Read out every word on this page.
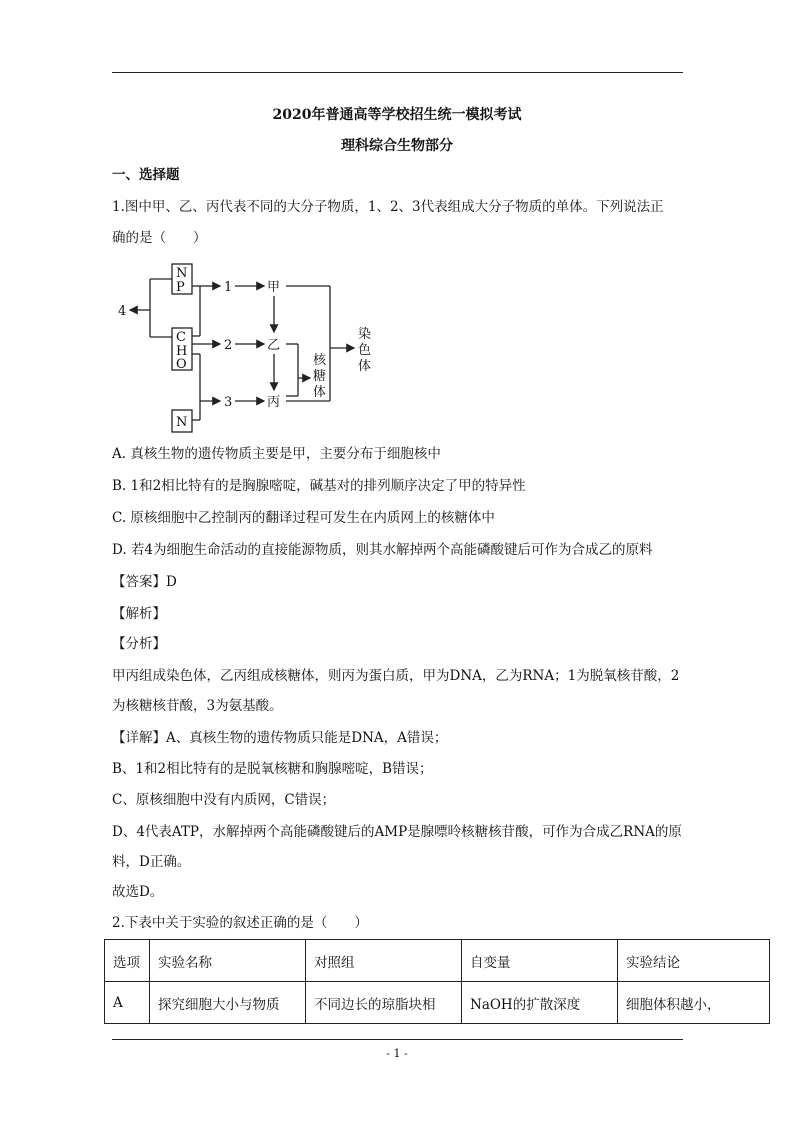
2020年普通高等学校招生统一模拟考试
理科综合生物部分
一、选择题
1.图中甲、乙、丙代表不同的大分子物质，1、2、3代表组成大分子物质的单体。下列说法正
确的是（　　）
N
P
C
H
O
N
4
1
2
3
甲
乙
丙
核
糖
体
染
色
体
A. 真核生物的遗传物质主要是甲，主要分布于细胞核中
B. 1和2相比特有的是胸腺嘧啶，碱基对的排列顺序决定了甲的特异性
C. 原核细胞中乙控制丙的翻译过程可发生在内质网上的核糖体中
D. 若4为细胞生命活动的直接能源物质，则其水解掉两个高能磷酸键后可作为合成乙的原料
【答案】D
【解析】
【分析】
甲丙组成染色体，乙丙组成核糖体，则丙为蛋白质，甲为DNA，乙为RNA；1为脱氧核苷酸，2
为核糖核苷酸，3为氨基酸。
【详解】A、真核生物的遗传物质只能是DNA，A错误；
B、1和2相比特有的是脱氧核糖和胸腺嘧啶，B错误；
C、原核细胞中没有内质网，C错误；
D、4代表ATP，水解掉两个高能磷酸键后的AMP是腺嘌呤核糖核苷酸，可作为合成乙RNA的原
料，D正确。
故选D。
2.下表中关于实验的叙述正确的是（　　）
选项	实验名称	对照组	自变量	实验结论
A	探究细胞大小与物质	不同边长的琼脂块相	NaOH的扩散深度	细胞体积越小，
- 1 -
